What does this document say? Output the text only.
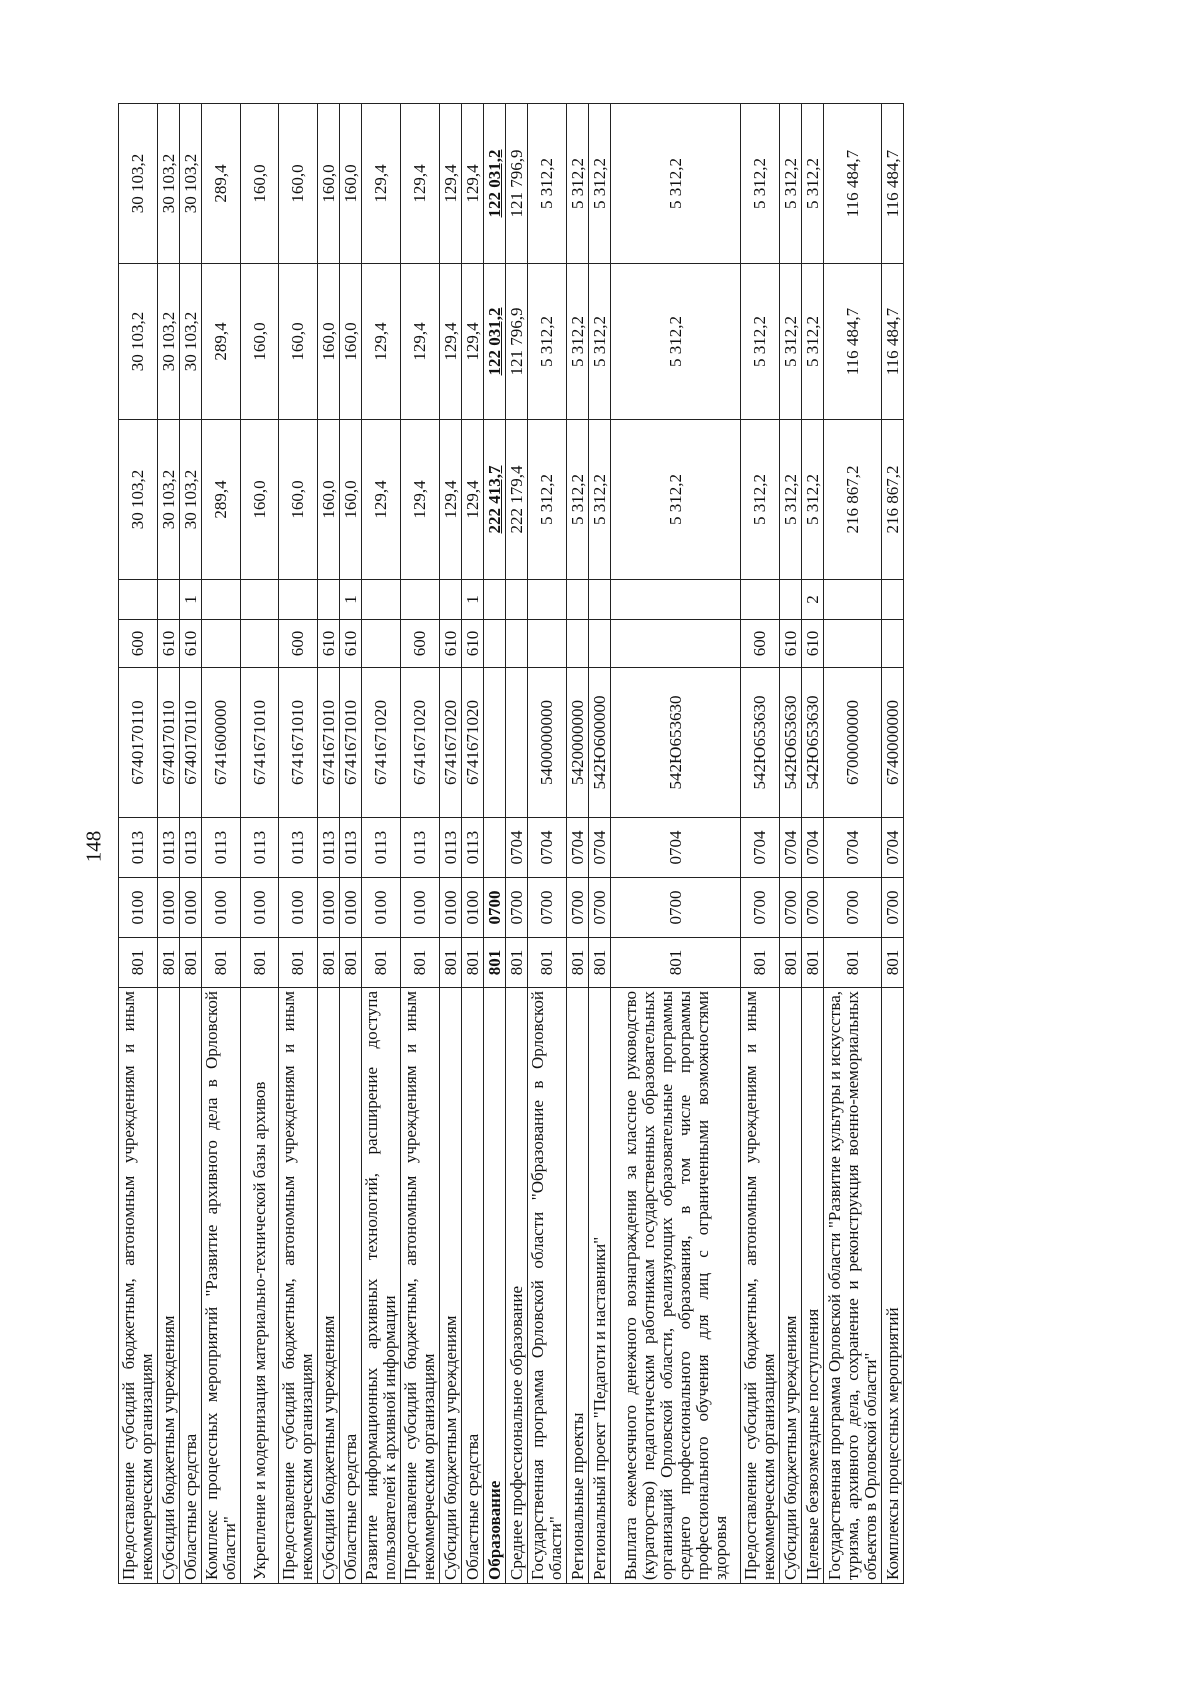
148
Предоставление субсидий бюджетным, автономным учреждениям и иным некоммерческим организациям	801	0100	0113	6740170110	600		30 103,2	30 103,2	30 103,2
Субсидии бюджетным учреждениям	801	0100	0113	6740170110	610		30 103,2	30 103,2	30 103,2
Областные средства	801	0100	0113	6740170110	610	1	30 103,2	30 103,2	30 103,2
Комплекс процессных мероприятий "Развитие архивного дела в Орловской области"	801	0100	0113	6741600000			289,4	289,4	289,4
Укрепление и модернизация материально-технической базы архивов	801	0100	0113	6741671010			160,0	160,0	160,0
Предоставление субсидий бюджетным, автономным учреждениям и иным некоммерческим организациям	801	0100	0113	6741671010	600		160,0	160,0	160,0
Субсидии бюджетным учреждениям	801	0100	0113	6741671010	610		160,0	160,0	160,0
Областные средства	801	0100	0113	6741671010	610	1	160,0	160,0	160,0
Развитие информационных архивных технологий, расширение доступа пользователей к архивной информации	801	0100	0113	6741671020			129,4	129,4	129,4
Предоставление субсидий бюджетным, автономным учреждениям и иным некоммерческим организациям	801	0100	0113	6741671020	600		129,4	129,4	129,4
Субсидии бюджетным учреждениям	801	0100	0113	6741671020	610		129,4	129,4	129,4
Областные средства	801	0100	0113	6741671020	610	1	129,4	129,4	129,4
Образование	801	0700					222 413,7	122 031,2	122 031,2
Среднее профессиональное образование	801	0700	0704				222 179,4	121 796,9	121 796,9
Государственная программа Орловской области "Образование в Орловской области"	801	0700	0704	5400000000			5 312,2	5 312,2	5 312,2
Региональные проекты	801	0700	0704	5420000000			5 312,2	5 312,2	5 312,2
Региональный проект "Педагоги и наставники"	801	0700	0704	542Ю600000			5 312,2	5 312,2	5 312,2
Выплата ежемесячного денежного вознаграждения за классное руководство (кураторство) педагогическим работникам государственных образовательных организаций Орловской области, реализующих образовательные программы среднего профессионального образования, в том числе программы профессионального обучения для лиц с ограниченными возможностями здоровья	801	0700	0704	542Ю653630			5 312,2	5 312,2	5 312,2
Предоставление субсидий бюджетным, автономным учреждениям и иным некоммерческим организациям	801	0700	0704	542Ю653630	600		5 312,2	5 312,2	5 312,2
Субсидии бюджетным учреждениям	801	0700	0704	542Ю653630	610		5 312,2	5 312,2	5 312,2
Целевые безвозмездные поступления	801	0700	0704	542Ю653630	610	2	5 312,2	5 312,2	5 312,2
Государственная программа Орловской области "Развитие культуры и искусства, туризма, архивного дела, сохранение и реконструкция военно-мемориальных объектов в Орловской области"	801	0700	0704	6700000000			216 867,2	116 484,7	116 484,7
Комплексы процессных мероприятий	801	0700	0704	6740000000			216 867,2	116 484,7	116 484,7
